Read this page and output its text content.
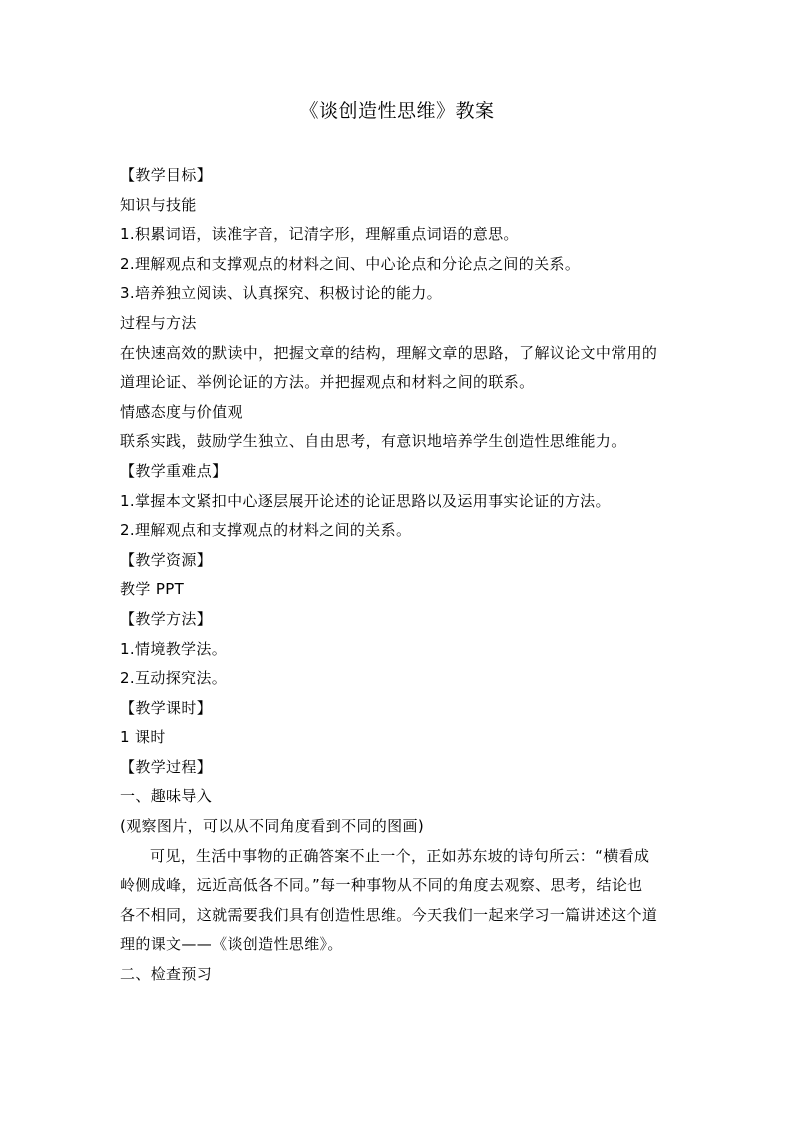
《谈创造性思维》教案
【教学目标】
知识与技能
1.积累词语，读准字音，记清字形，理解重点词语的意思。
2.理解观点和支撑观点的材料之间、中心论点和分论点之间的关系。
3.培养独立阅读、认真探究、积极讨论的能力。
过程与方法
在快速高效的默读中，把握文章的结构，理解文章的思路，了解议论文中常用的
道理论证、举例论证的方法。并把握观点和材料之间的联系。
情感态度与价值观
联系实践，鼓励学生独立、自由思考，有意识地培养学生创造性思维能力。
【教学重难点】
1.掌握本文紧扣中心逐层展开论述的论证思路以及运用事实论证的方法。
2.理解观点和支撑观点的材料之间的关系。
【教学资源】
教学 PPT
【教学方法】
1.情境教学法。
2.互动探究法。
【教学课时】
1 课时
【教学过程】
一、趣味导入
(观察图片，可以从不同角度看到不同的图画)
可见，生活中事物的正确答案不止一个，正如苏东坡的诗句所云：“横看成
岭侧成峰，远近高低各不同。”每一种事物从不同的角度去观察、思考，结论也
各不相同，这就需要我们具有创造性思维。今天我们一起来学习一篇讲述这个道
理的课文——《谈创造性思维》。
二、检查预习
